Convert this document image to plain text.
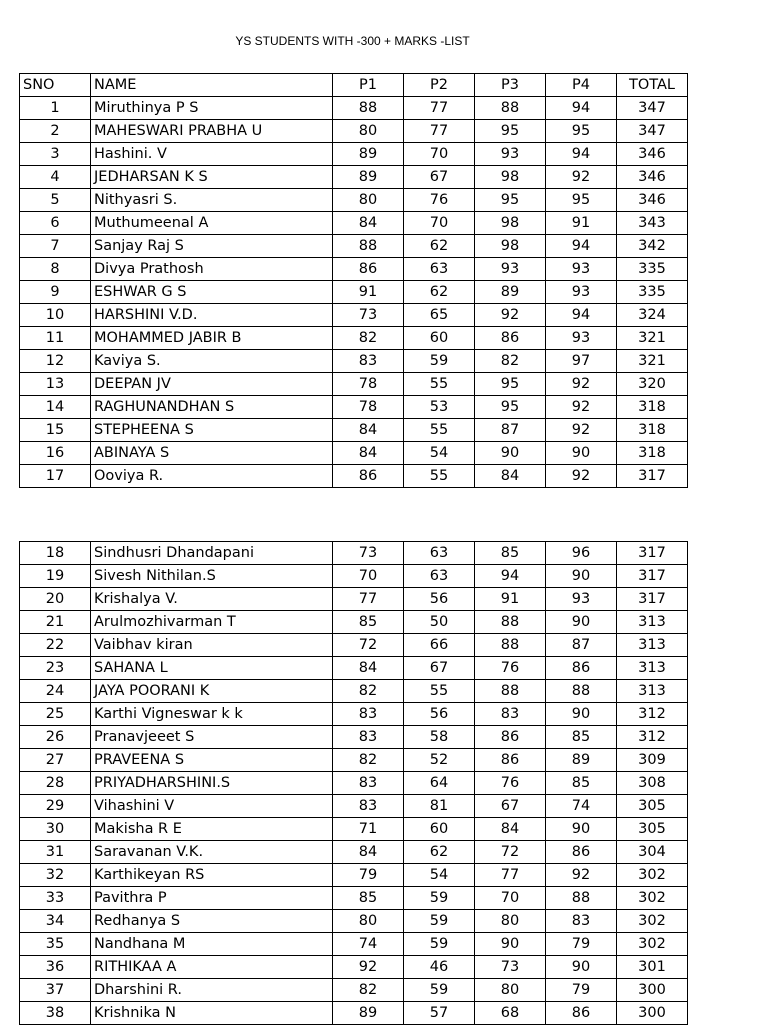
YS STUDENTS WITH -300 + MARKS -LIST
SNO	NAME	P1	P2	P3	P4	TOTAL
1	Miruthinya P S	88	77	88	94	347
2	MAHESWARI PRABHA U	80	77	95	95	347
3	Hashini. V	89	70	93	94	346
4	JEDHARSAN K S	89	67	98	92	346
5	Nithyasri S.	80	76	95	95	346
6	Muthumeenal A	84	70	98	91	343
7	Sanjay Raj S	88	62	98	94	342
8	Divya Prathosh	86	63	93	93	335
9	ESHWAR G S	91	62	89	93	335
10	HARSHINI V.D.	73	65	92	94	324
11	MOHAMMED JABIR B	82	60	86	93	321
12	Kaviya S.	83	59	82	97	321
13	DEEPAN JV	78	55	95	92	320
14	RAGHUNANDHAN S	78	53	95	92	318
15	STEPHEENA S	84	55	87	92	318
16	ABINAYA S	84	54	90	90	318
17	Ooviya R.	86	55	84	92	317
18	Sindhusri Dhandapani	73	63	85	96	317
19	Sivesh Nithilan.S	70	63	94	90	317
20	Krishalya V.	77	56	91	93	317
21	Arulmozhivarman T	85	50	88	90	313
22	Vaibhav kiran	72	66	88	87	313
23	SAHANA L	84	67	76	86	313
24	JAYA POORANI K	82	55	88	88	313
25	Karthi Vigneswar k k	83	56	83	90	312
26	Pranavjeeet S	83	58	86	85	312
27	PRAVEENA S	82	52	86	89	309
28	PRIYADHARSHINI.S	83	64	76	85	308
29	Vihashini V	83	81	67	74	305
30	Makisha R E	71	60	84	90	305
31	Saravanan V.K.	84	62	72	86	304
32	Karthikeyan RS	79	54	77	92	302
33	Pavithra P	85	59	70	88	302
34	Redhanya S	80	59	80	83	302
35	Nandhana M	74	59	90	79	302
36	RITHIKAA A	92	46	73	90	301
37	Dharshini R.	82	59	80	79	300
38	Krishnika N	89	57	68	86	300
